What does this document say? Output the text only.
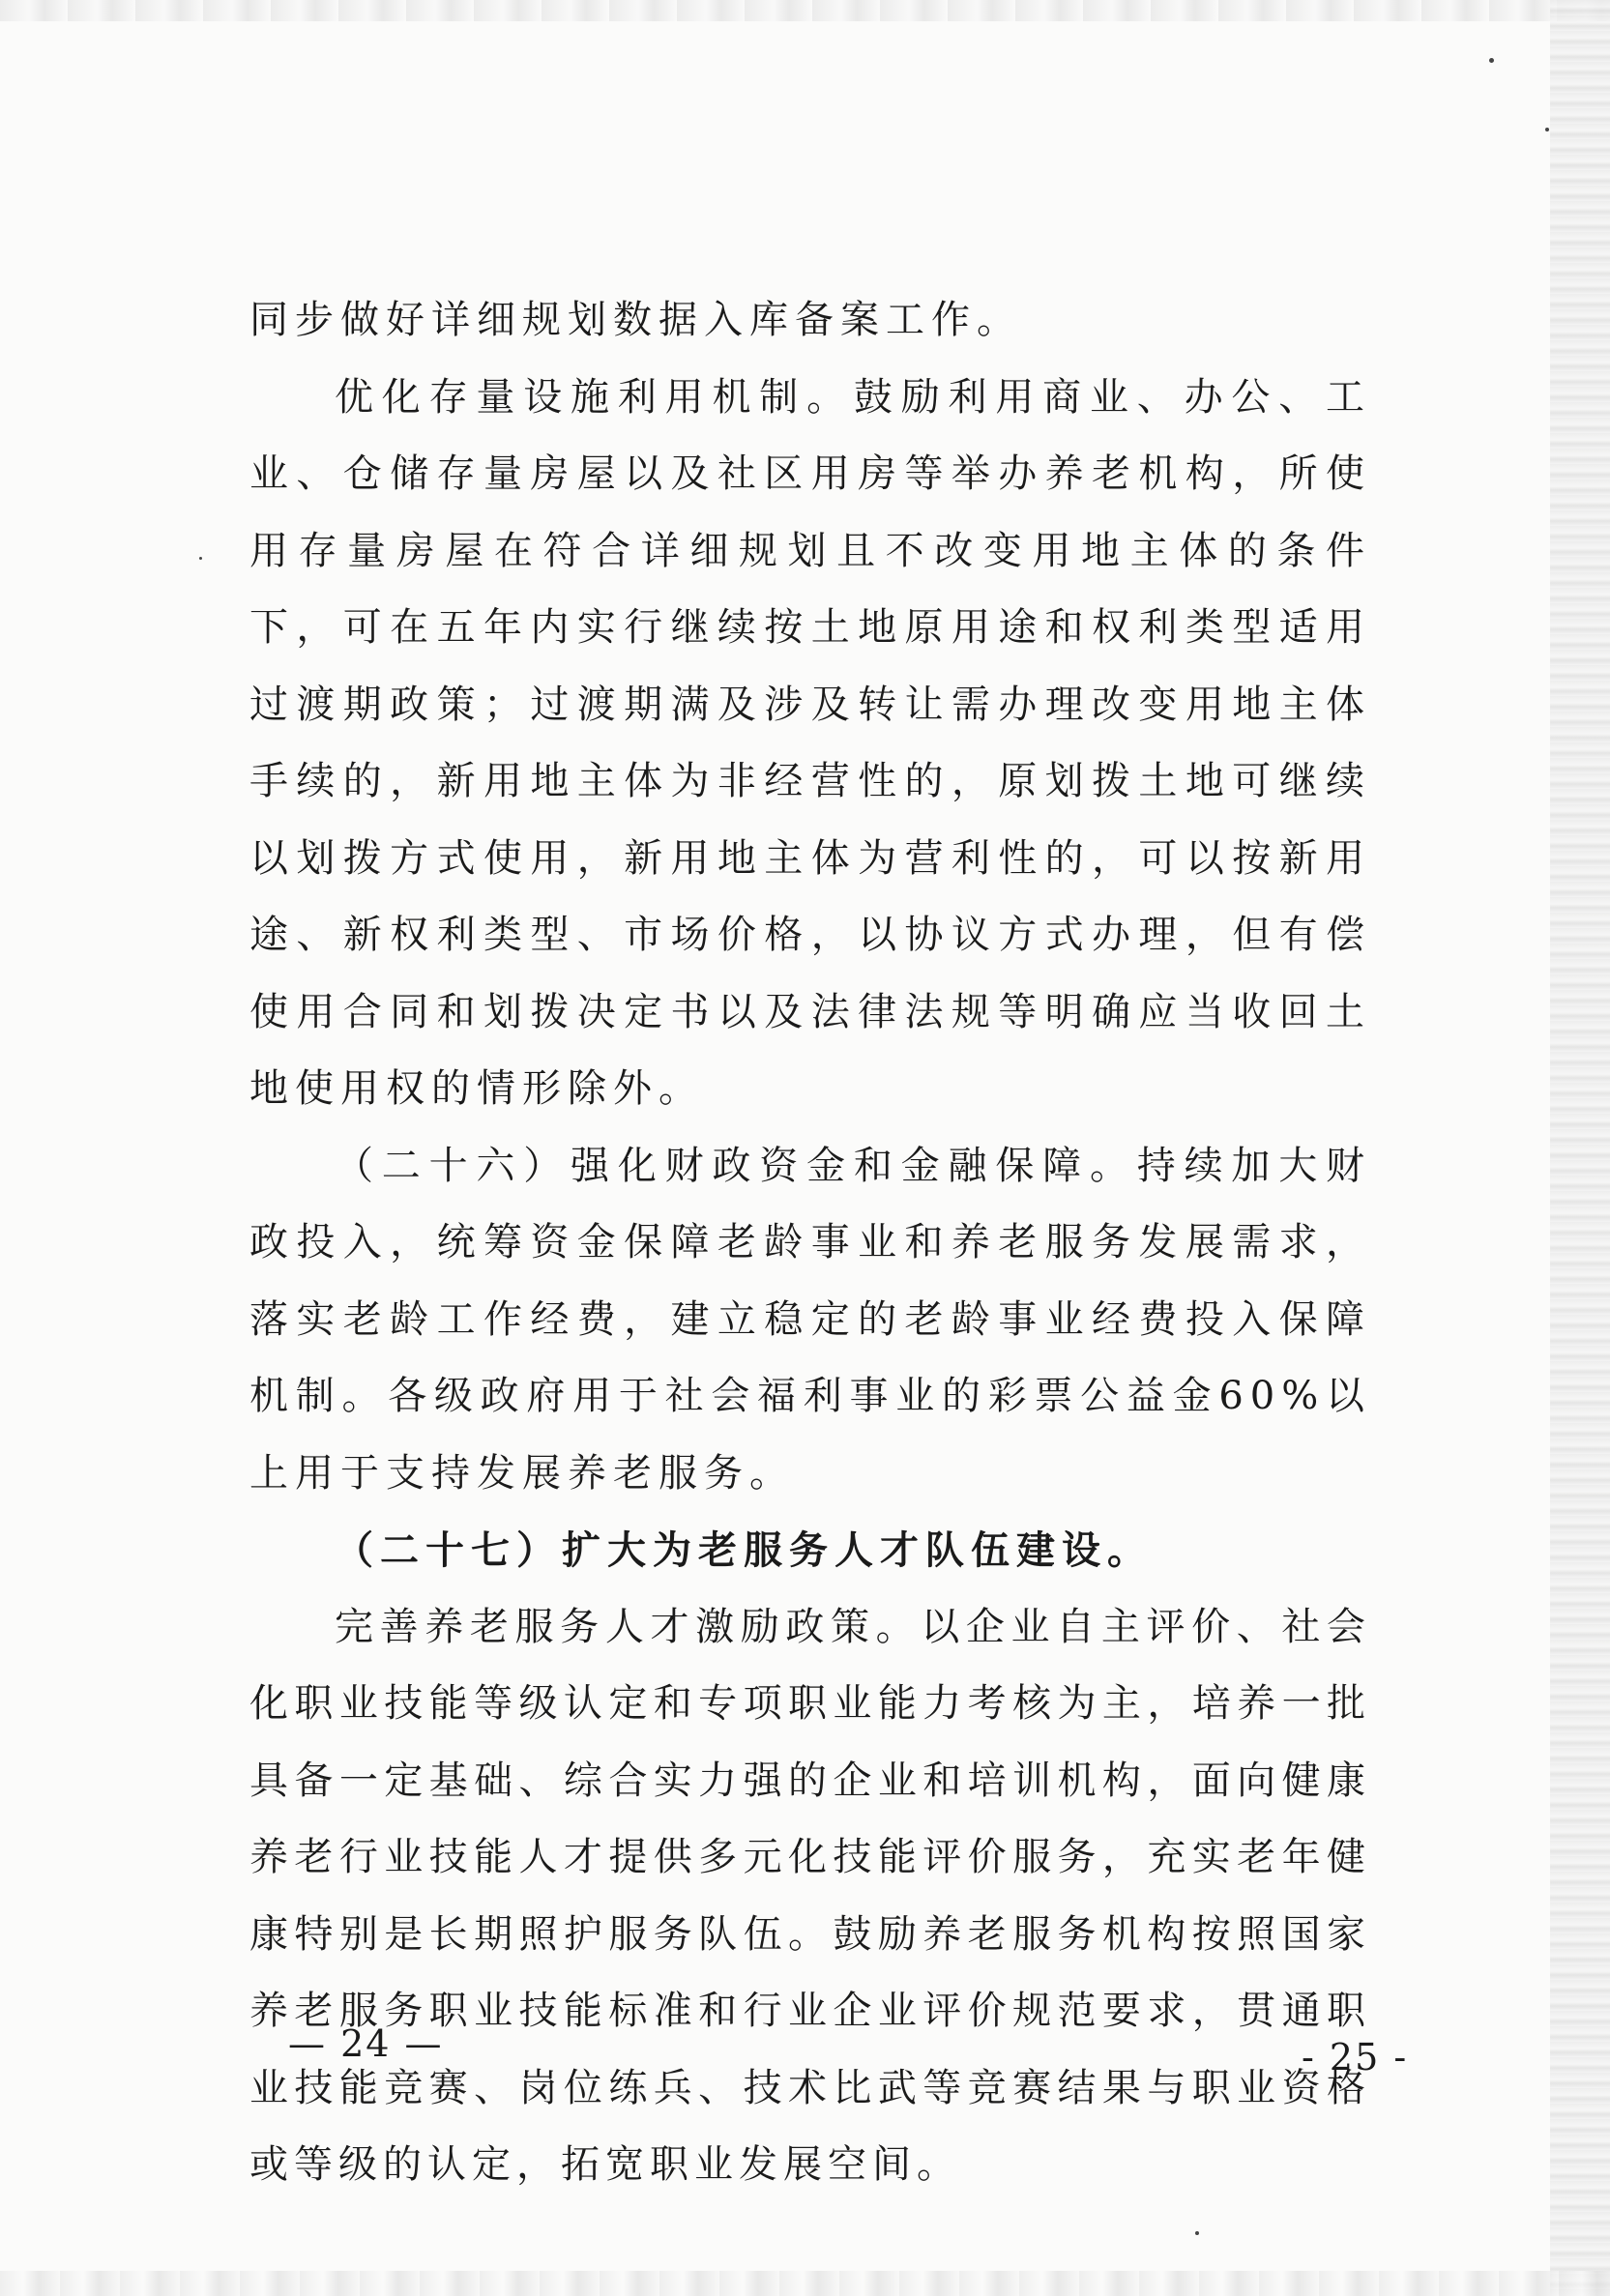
同步做好详细规划数据入库备案工作。

优化存量设施利用机制。鼓励利用商业、办公、工业、仓储存量房屋以及社区用房等举办养老机构，所使用存量房屋在符合详细规划且不改变用地主体的条件下，可在五年内实行继续按土地原用途和权利类型适用过渡期政策；过渡期满及涉及转让需办理改变用地主体手续的，新用地主体为非经营性的，原划拨土地可继续以划拨方式使用，新用地主体为营利性的，可以按新用途、新权利类型、市场价格，以协议方式办理，但有偿使用合同和划拨决定书以及法律法规等明确应当收回土地使用权的情形除外。

（二十六）强化财政资金和金融保障。持续加大财政投入，统筹资金保障老龄事业和养老服务发展需求，落实老龄工作经费，建立稳定的老龄事业经费投入保障机制。各级政府用于社会福利事业的彩票公益金60%以上用于支持发展养老服务。

（二十七）扩大为老服务人才队伍建设。

完善养老服务人才激励政策。以企业自主评价、社会化职业技能等级认定和专项职业能力考核为主，培养一批具备一定基础、综合实力强的企业和培训机构，面向健康养老行业技能人才提供多元化技能评价服务，充实老年健康特别是长期照护服务队伍。鼓励养老服务机构按照国家养老服务职业技能标准和行业企业评价规范要求，贯通职业技能竞赛、岗位练兵、技术比武等竞赛结果与职业资格或等级的认定，拓宽职业发展空间。

— 24 —	- 25 -
